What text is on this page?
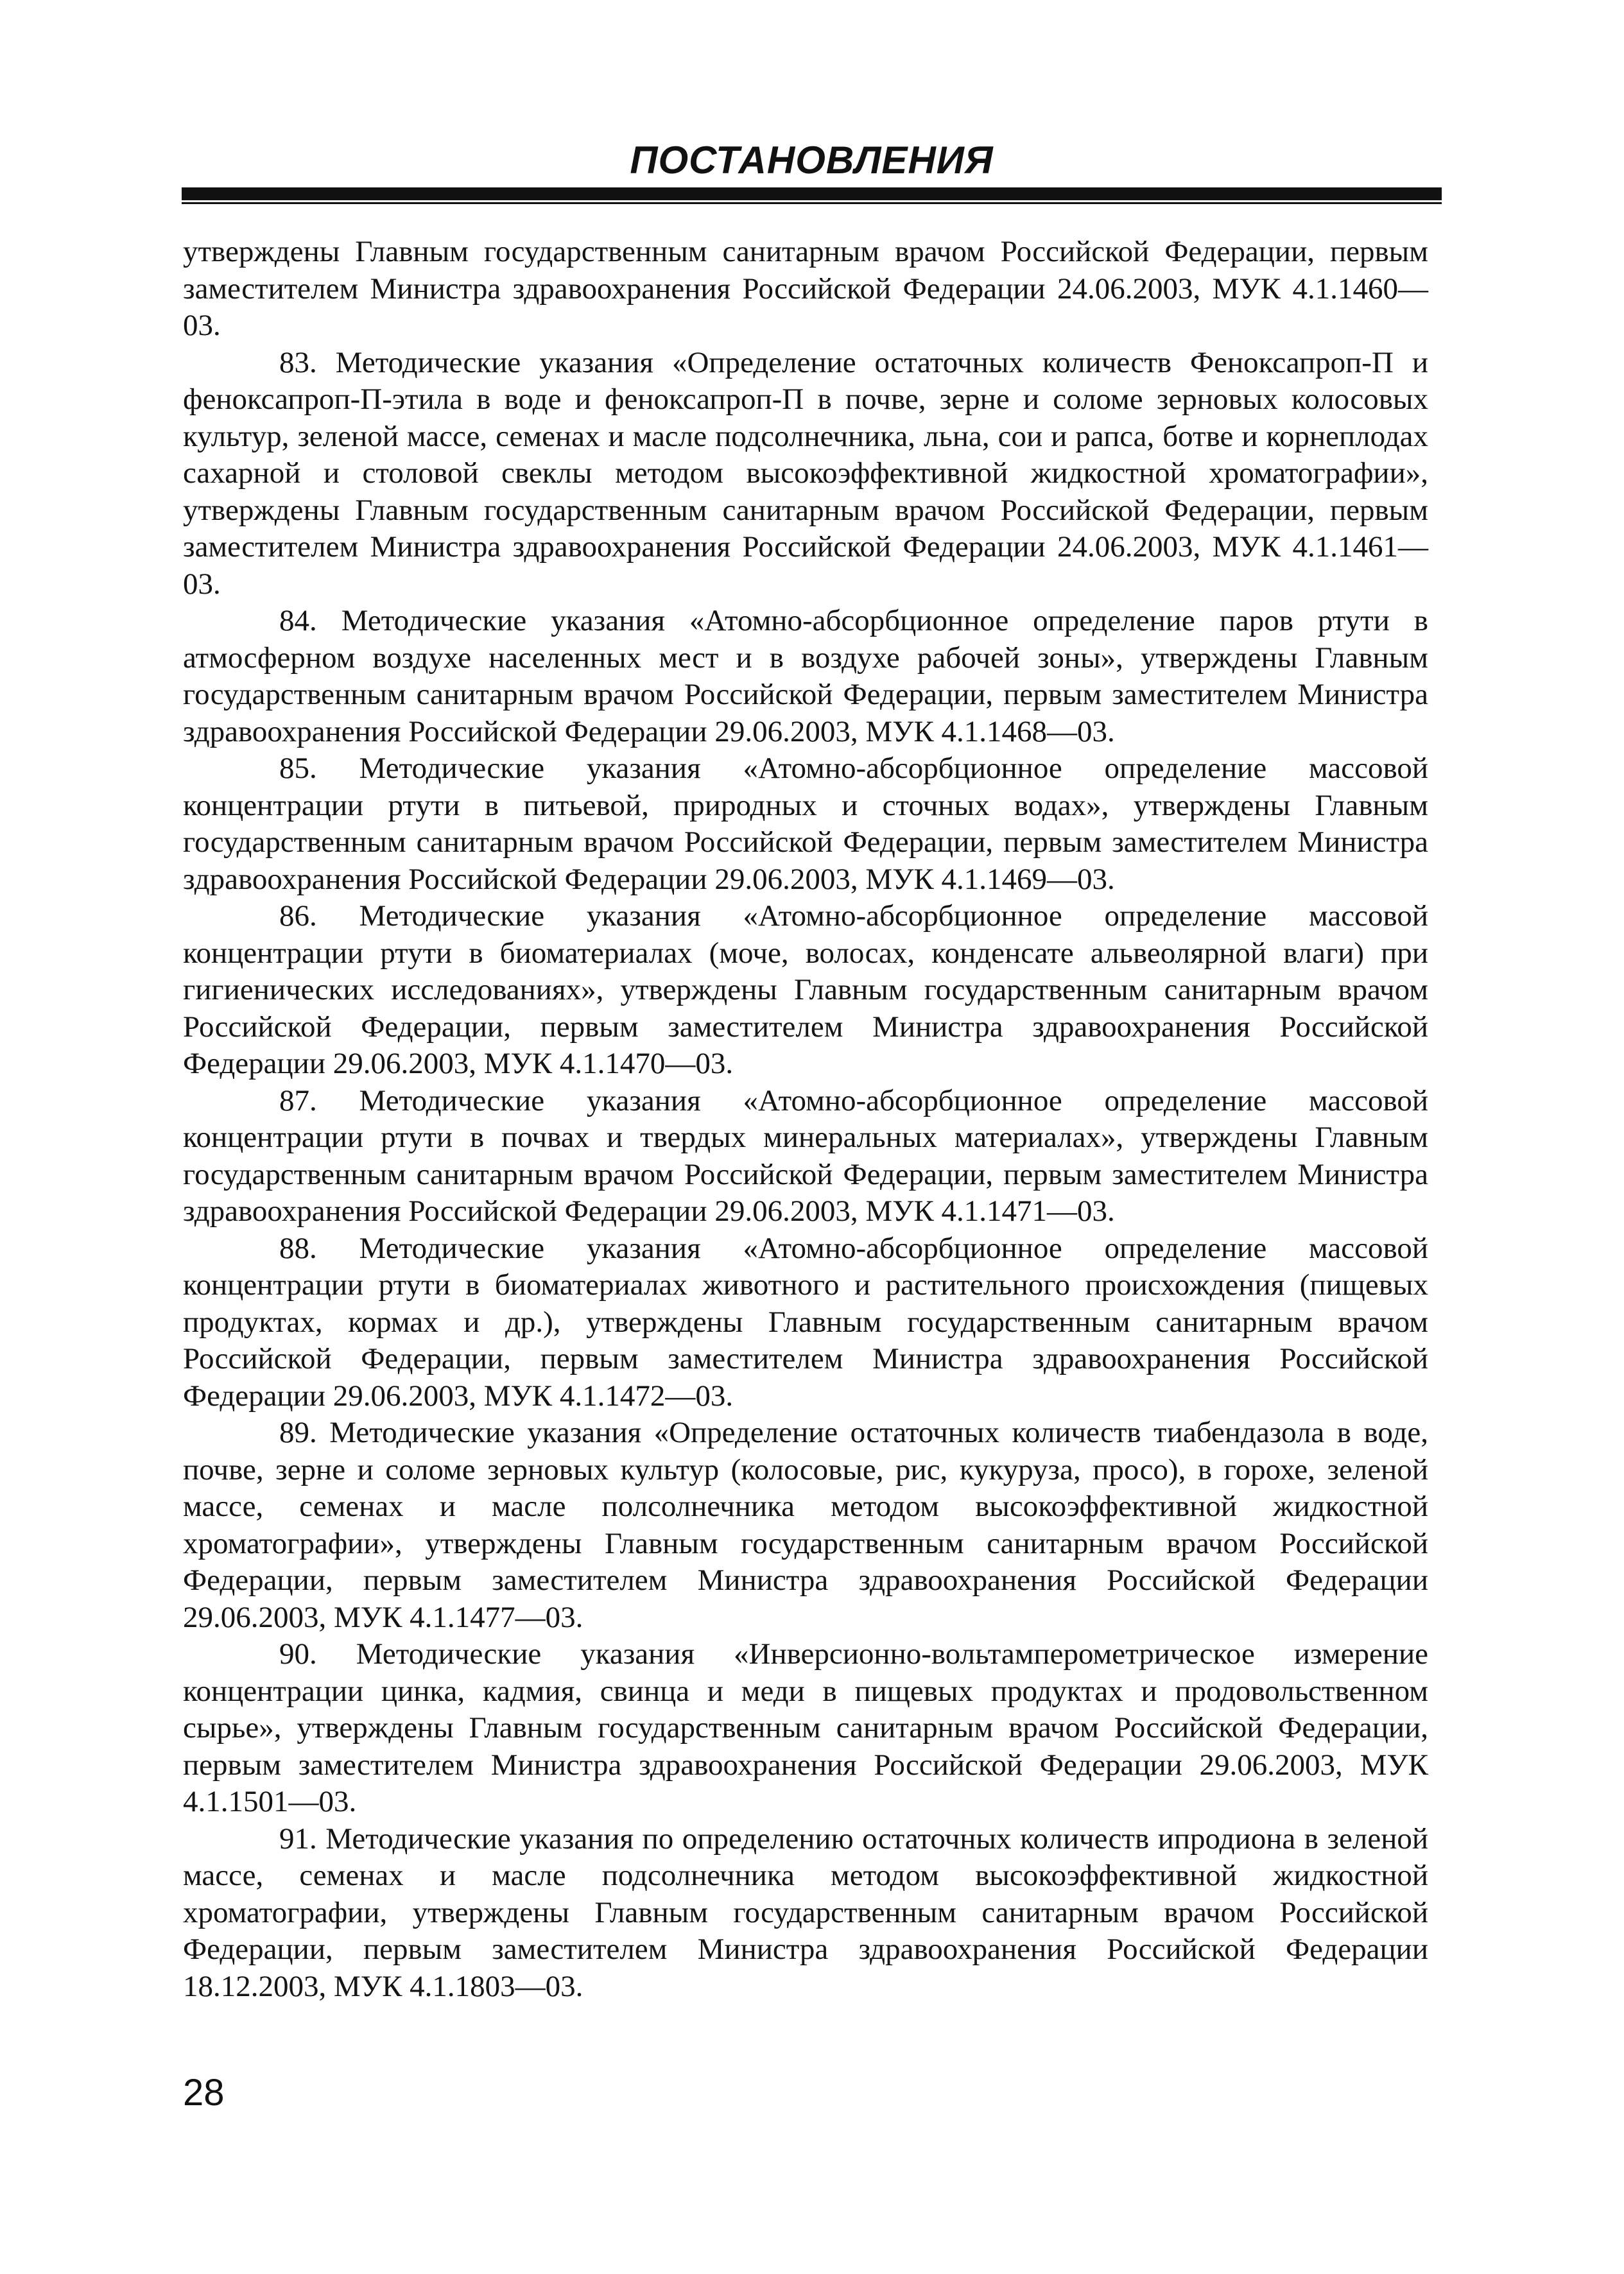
ПОСТАНОВЛЕНИЯ

утверждены Главным государственным санитарным врачом Российской Федерации, первым заместителем Министра здравоохранения Российской Федерации 24.06.2003, МУК 4.1.1460—03.

83. Методические указания «Определение остаточных количеств Феноксапроп-П и феноксапроп-П-этила в воде и феноксапроп-П в почве, зерне и соломе зерновых колосовых культур, зеленой массе, семенах и масле подсолнечника, льна, сои и рапса, ботве и корнеплодах сахарной и столовой свеклы методом высокоэффективной жидкостной хроматографии», утверждены Главным государственным санитарным врачом Российской Федерации, первым заместителем Министра здравоохранения Российской Федерации 24.06.2003, МУК 4.1.1461—03.

84. Методические указания «Атомно-абсорбционное определение паров ртути в атмосферном воздухе населенных мест и в воздухе рабочей зоны», утверждены Главным государственным санитарным врачом Российской Федерации, первым заместителем Министра здравоохранения Российской Федерации 29.06.2003, МУК 4.1.1468—03.

85. Методические указания «Атомно-абсорбционное определение массовой концентрации ртути в питьевой, природных и сточных водах», утверждены Главным государственным санитарным врачом Российской Федерации, первым заместителем Министра здравоохранения Российской Федерации 29.06.2003, МУК 4.1.1469—03.

86. Методические указания «Атомно-абсорбционное определение массовой концентрации ртути в биоматериалах (моче, волосах, конденсате альвеолярной влаги) при гигиенических исследованиях», утверждены Главным государственным санитарным врачом Российской Федерации, первым заместителем Министра здравоохранения Российской Федерации 29.06.2003, МУК 4.1.1470—03.

87. Методические указания «Атомно-абсорбционное определение массовой концентрации ртути в почвах и твердых минеральных материалах», утверждены Главным государственным санитарным врачом Российской Федерации, первым заместителем Министра здравоохранения Российской Федерации 29.06.2003, МУК 4.1.1471—03.

88. Методические указания «Атомно-абсорбционное определение массовой концентрации ртути в биоматериалах животного и растительного происхождения (пищевых продуктах, кормах и др.), утверждены Главным государственным санитарным врачом Российской Федерации, первым заместителем Министра здравоохранения Российской Федерации 29.06.2003, МУК 4.1.1472—03.

89. Методические указания «Определение остаточных количеств тиабендазола в воде, почве, зерне и соломе зерновых культур (колосовые, рис, кукуруза, просо), в горохе, зеленой массе, семенах и масле полсолнечника методом высокоэффективной жидкостной хроматографии», утверждены Главным государственным санитарным врачом Российской Федерации, первым заместителем Министра здравоохранения Российской Федерации 29.06.2003, МУК 4.1.1477—03.

90. Методические указания «Инверсионно-вольтамперометрическое измерение концентрации цинка, кадмия, свинца и меди в пищевых продуктах и продовольственном сырье», утверждены Главным государственным санитарным врачом Российской Федерации, первым заместителем Министра здравоохранения Российской Федерации 29.06.2003, МУК 4.1.1501—03.

91. Методические указания по определению остаточных количеств ипродиона в зеленой массе, семенах и масле подсолнечника методом высокоэффективной жидкостной хроматографии, утверждены Главным государственным санитарным врачом Российской Федерации, первым заместителем Министра здравоохранения Российской Федерации 18.12.2003, МУК 4.1.1803—03.

28
